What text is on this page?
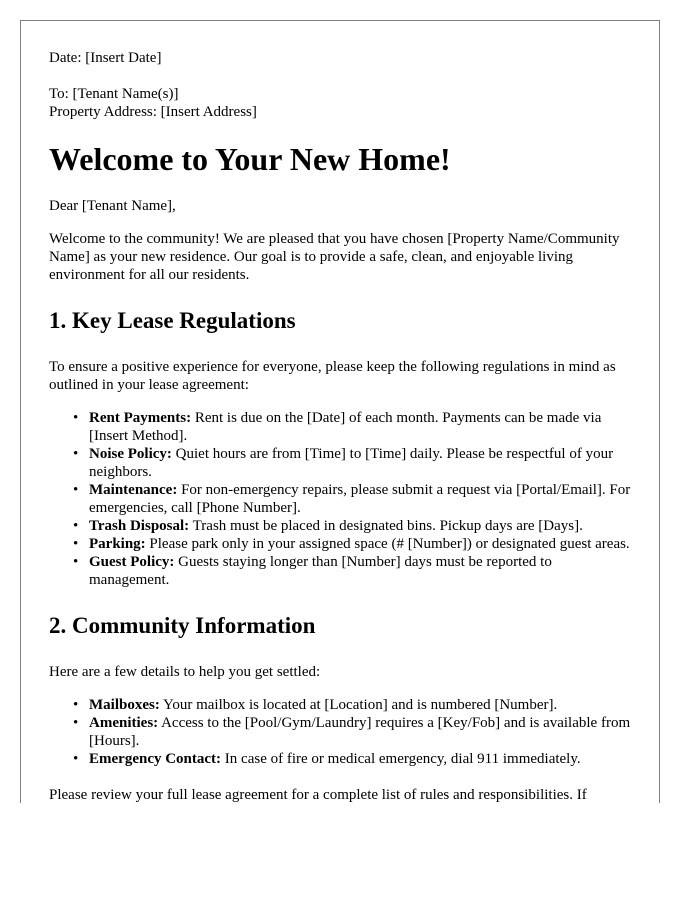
Date: [Insert Date]

To: [Tenant Name(s)]

Property Address: [Insert Address]

Welcome to Your New Home!

Dear [Tenant Name],

Welcome to the community! We are pleased that you have chosen [Property Name/Community Name] as your new residence. Our goal is to provide a safe, clean, and enjoyable living environment for all our residents.

1. Key Lease Regulations

To ensure a positive experience for everyone, please keep the following regulations in mind as outlined in your lease agreement:

• Rent Payments: Rent is due on the [Date] of each month. Payments can be made via [Insert Method].
• Noise Policy: Quiet hours are from [Time] to [Time] daily. Please be respectful of your neighbors.
• Maintenance: For non-emergency repairs, please submit a request via [Portal/Email]. For emergencies, call [Phone Number].
• Trash Disposal: Trash must be placed in designated bins. Pickup days are [Days].
• Parking: Please park only in your assigned space (# [Number]) or designated guest areas.
• Guest Policy: Guests staying longer than [Number] days must be reported to management.
2. Community Information

Here are a few details to help you get settled:

• Mailboxes: Your mailbox is located at [Location] and is numbered [Number].
• Amenities: Access to the [Pool/Gym/Laundry] requires a [Key/Fob] and is available from [Hours].
• Emergency Contact: In case of fire or medical emergency, dial 911 immediately.

Please review your full lease agreement for a complete list of rules and responsibilities. If
